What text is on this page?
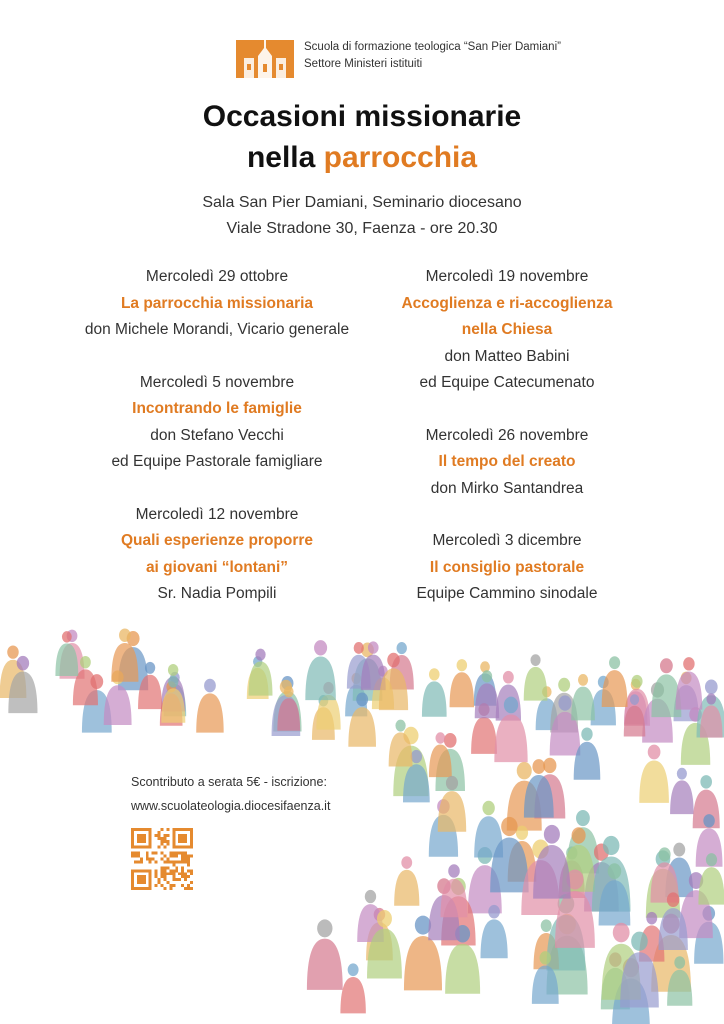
Scuola di formazione teologica “San Pier Damiani”
Settore Ministeri istituiti
Occasioni missionarie
nella parrocchia
Sala San Pier Damiani, Seminario diocesano
Viale Stradone 30, Faenza - ore 20.30
Mercoledì 29 ottobre
La parrocchia missionaria
don Michele Morandi, Vicario generale
Mercoledì 5 novembre
Incontrando le famiglie
don Stefano Vecchi
ed Equipe Pastorale famigliare
Mercoledì 12 novembre
Quali esperienze proporre
ai giovani “lontani”
Sr. Nadia Pompili
Mercoledì 19 novembre
Accoglienza e ri-accoglienza
nella Chiesa
don Matteo Babini
ed Equipe Catecumenato
Mercoledì 26 novembre
Il tempo del creato
don Mirko Santandrea
Mercoledì 3 dicembre
Il consiglio pastorale
Equipe Cammino sinodale
Scontributo a serata 5€ - iscrizione:
www.scuolateologia.diocesifaenza.it
